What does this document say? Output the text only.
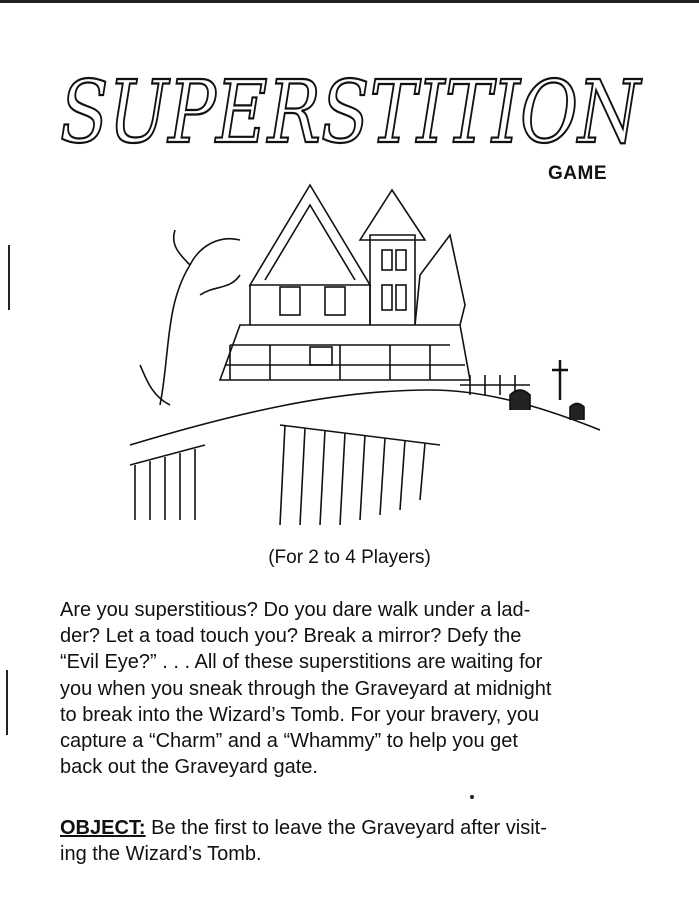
SUPERSTITION
GAME
(For 2 to 4 Players)
Are you superstitious? Do you dare walk under a lad-
der? Let a toad touch you? Break a mirror? Defy the
“Evil Eye?” . . . All of these superstitions are waiting for
you when you sneak through the Graveyard at midnight
to break into the Wizard’s Tomb. For your bravery, you
capture a “Charm” and a “Whammy” to help you get
back out the Graveyard gate.
OBJECT: Be the first to leave the Graveyard after visit-
ing the Wizard’s Tomb.
